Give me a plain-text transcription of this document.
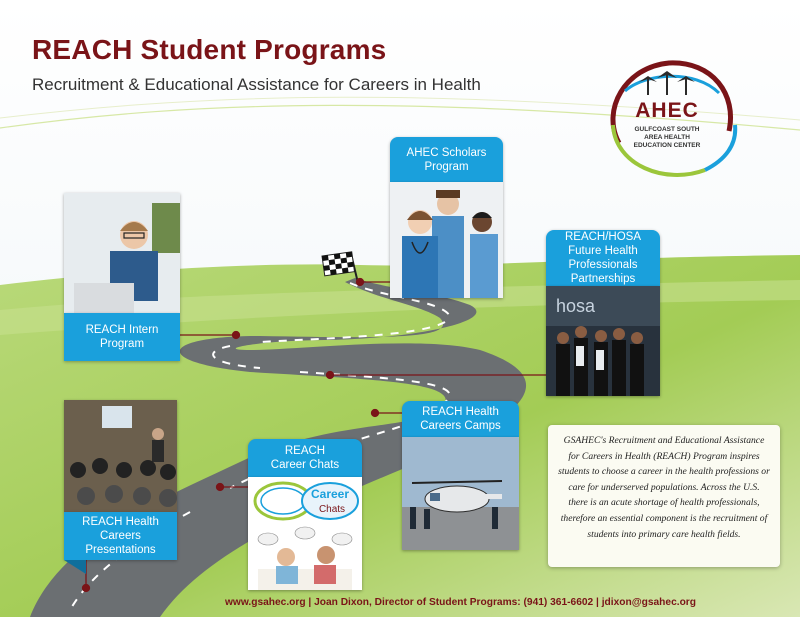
REACH Student Programs
Recruitment & Educational Assistance for Careers in Health
AHEC
GULFCOAST SOUTH
AREA HEALTH
EDUCATION CENTER
AHEC Scholars
Program
REACH/HOSA
Future Health
Professionals
Partnerships
hosa
REACH Intern
Program
REACH Health
Careers Camps
REACH
Career Chats
Career
Chats
REACH Health
Careers
Presentations
GSAHEC's Recruitment and Educational Assistance for Careers in Health (REACH) Program inspires students to choose a career in the health professions or care for underserved populations. Across the U.S. there is an acute shortage of health professionals, therefore an essential component is the recruitment of students into primary care health fields.
www.gsahec.org | Joan Dixon, Director of Student Programs: (941) 361-6602 | jdixon@gsahec.org
